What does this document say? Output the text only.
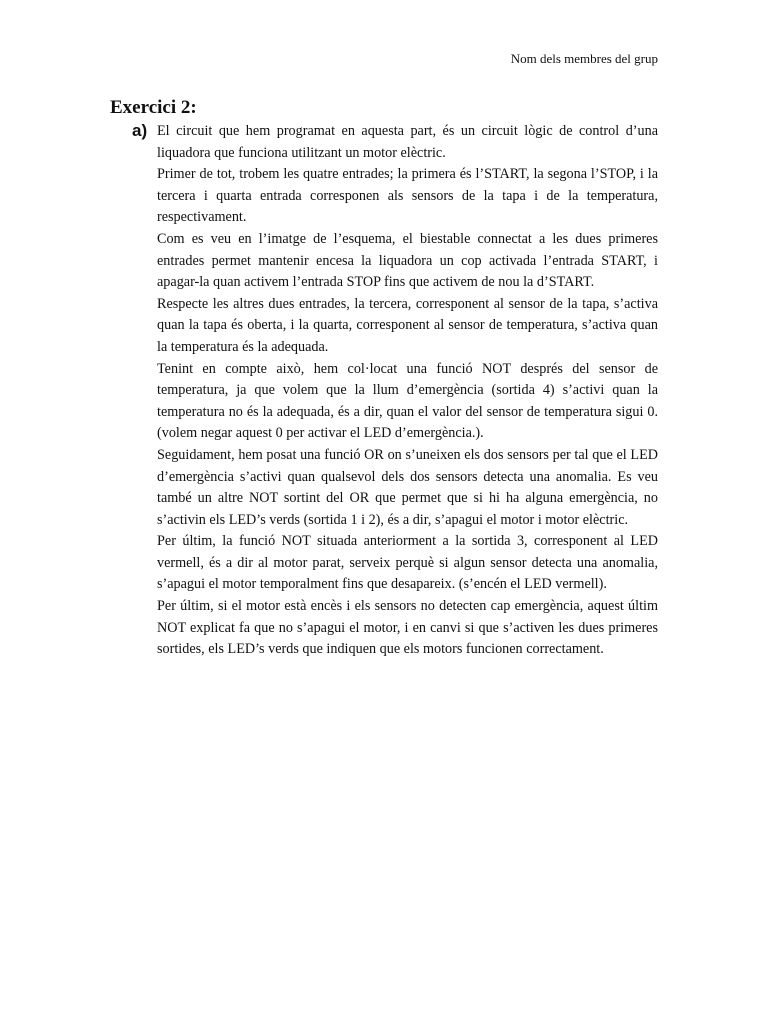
Nom dels membres del grup
Exercici 2:
a) El circuit que hem programat en aquesta part, és un circuit lògic de control d’una liquadora que funciona utilitzant un motor elèctric.

Primer de tot, trobem les quatre entrades; la primera és l’START, la segona l’STOP, i la tercera i quarta entrada corresponen als sensors de la tapa i de la temperatura, respectivament.

Com es veu en l’imatge de l’esquema, el biestable connectat a les dues primeres entrades permet mantenir encesa la liquadora un cop activada l’entrada START, i apagar-la quan activem l’entrada STOP fins que activem de nou la d’START.

Respecte les altres dues entrades, la tercera, corresponent al sensor de la tapa, s’activa quan la tapa és oberta, i la quarta, corresponent al sensor de temperatura, s’activa quan la temperatura és la adequada.

Tenint en compte això, hem col·locat una funció NOT després del sensor de temperatura, ja que volem que la llum d’emergència (sortida 4) s’activi quan la temperatura no és la adequada, és a dir, quan el valor del sensor de temperatura sigui 0. (volem negar aquest 0 per activar el LED d’emergència.).

Seguidament, hem posat una funció OR on s’uneixen els dos sensors per tal que el LED d’emergència s’activi quan qualsevol dels dos sensors detecta una anomalia. Es veu també un altre NOT sortint del OR que permet que si hi ha alguna emergència, no s’activin els LED’s verds (sortida 1 i 2), és a dir, s’apagui el motor i motor elèctric.

Per últim, la funció NOT situada anteriorment a la sortida 3, corresponent al LED vermell, és a dir al motor parat, serveix perquè si algun sensor detecta una anomalia, s’apagui el motor temporalment fins que desapareix. (s’encén el LED vermell).

Per últim, si el motor està encès i els sensors no detecten cap emergència, aquest últim NOT explicat fa que no s’apagui el motor, i en canvi si que s’activen les dues primeres sortides, els LED’s verds que indiquen que els motors funcionen correctament.
